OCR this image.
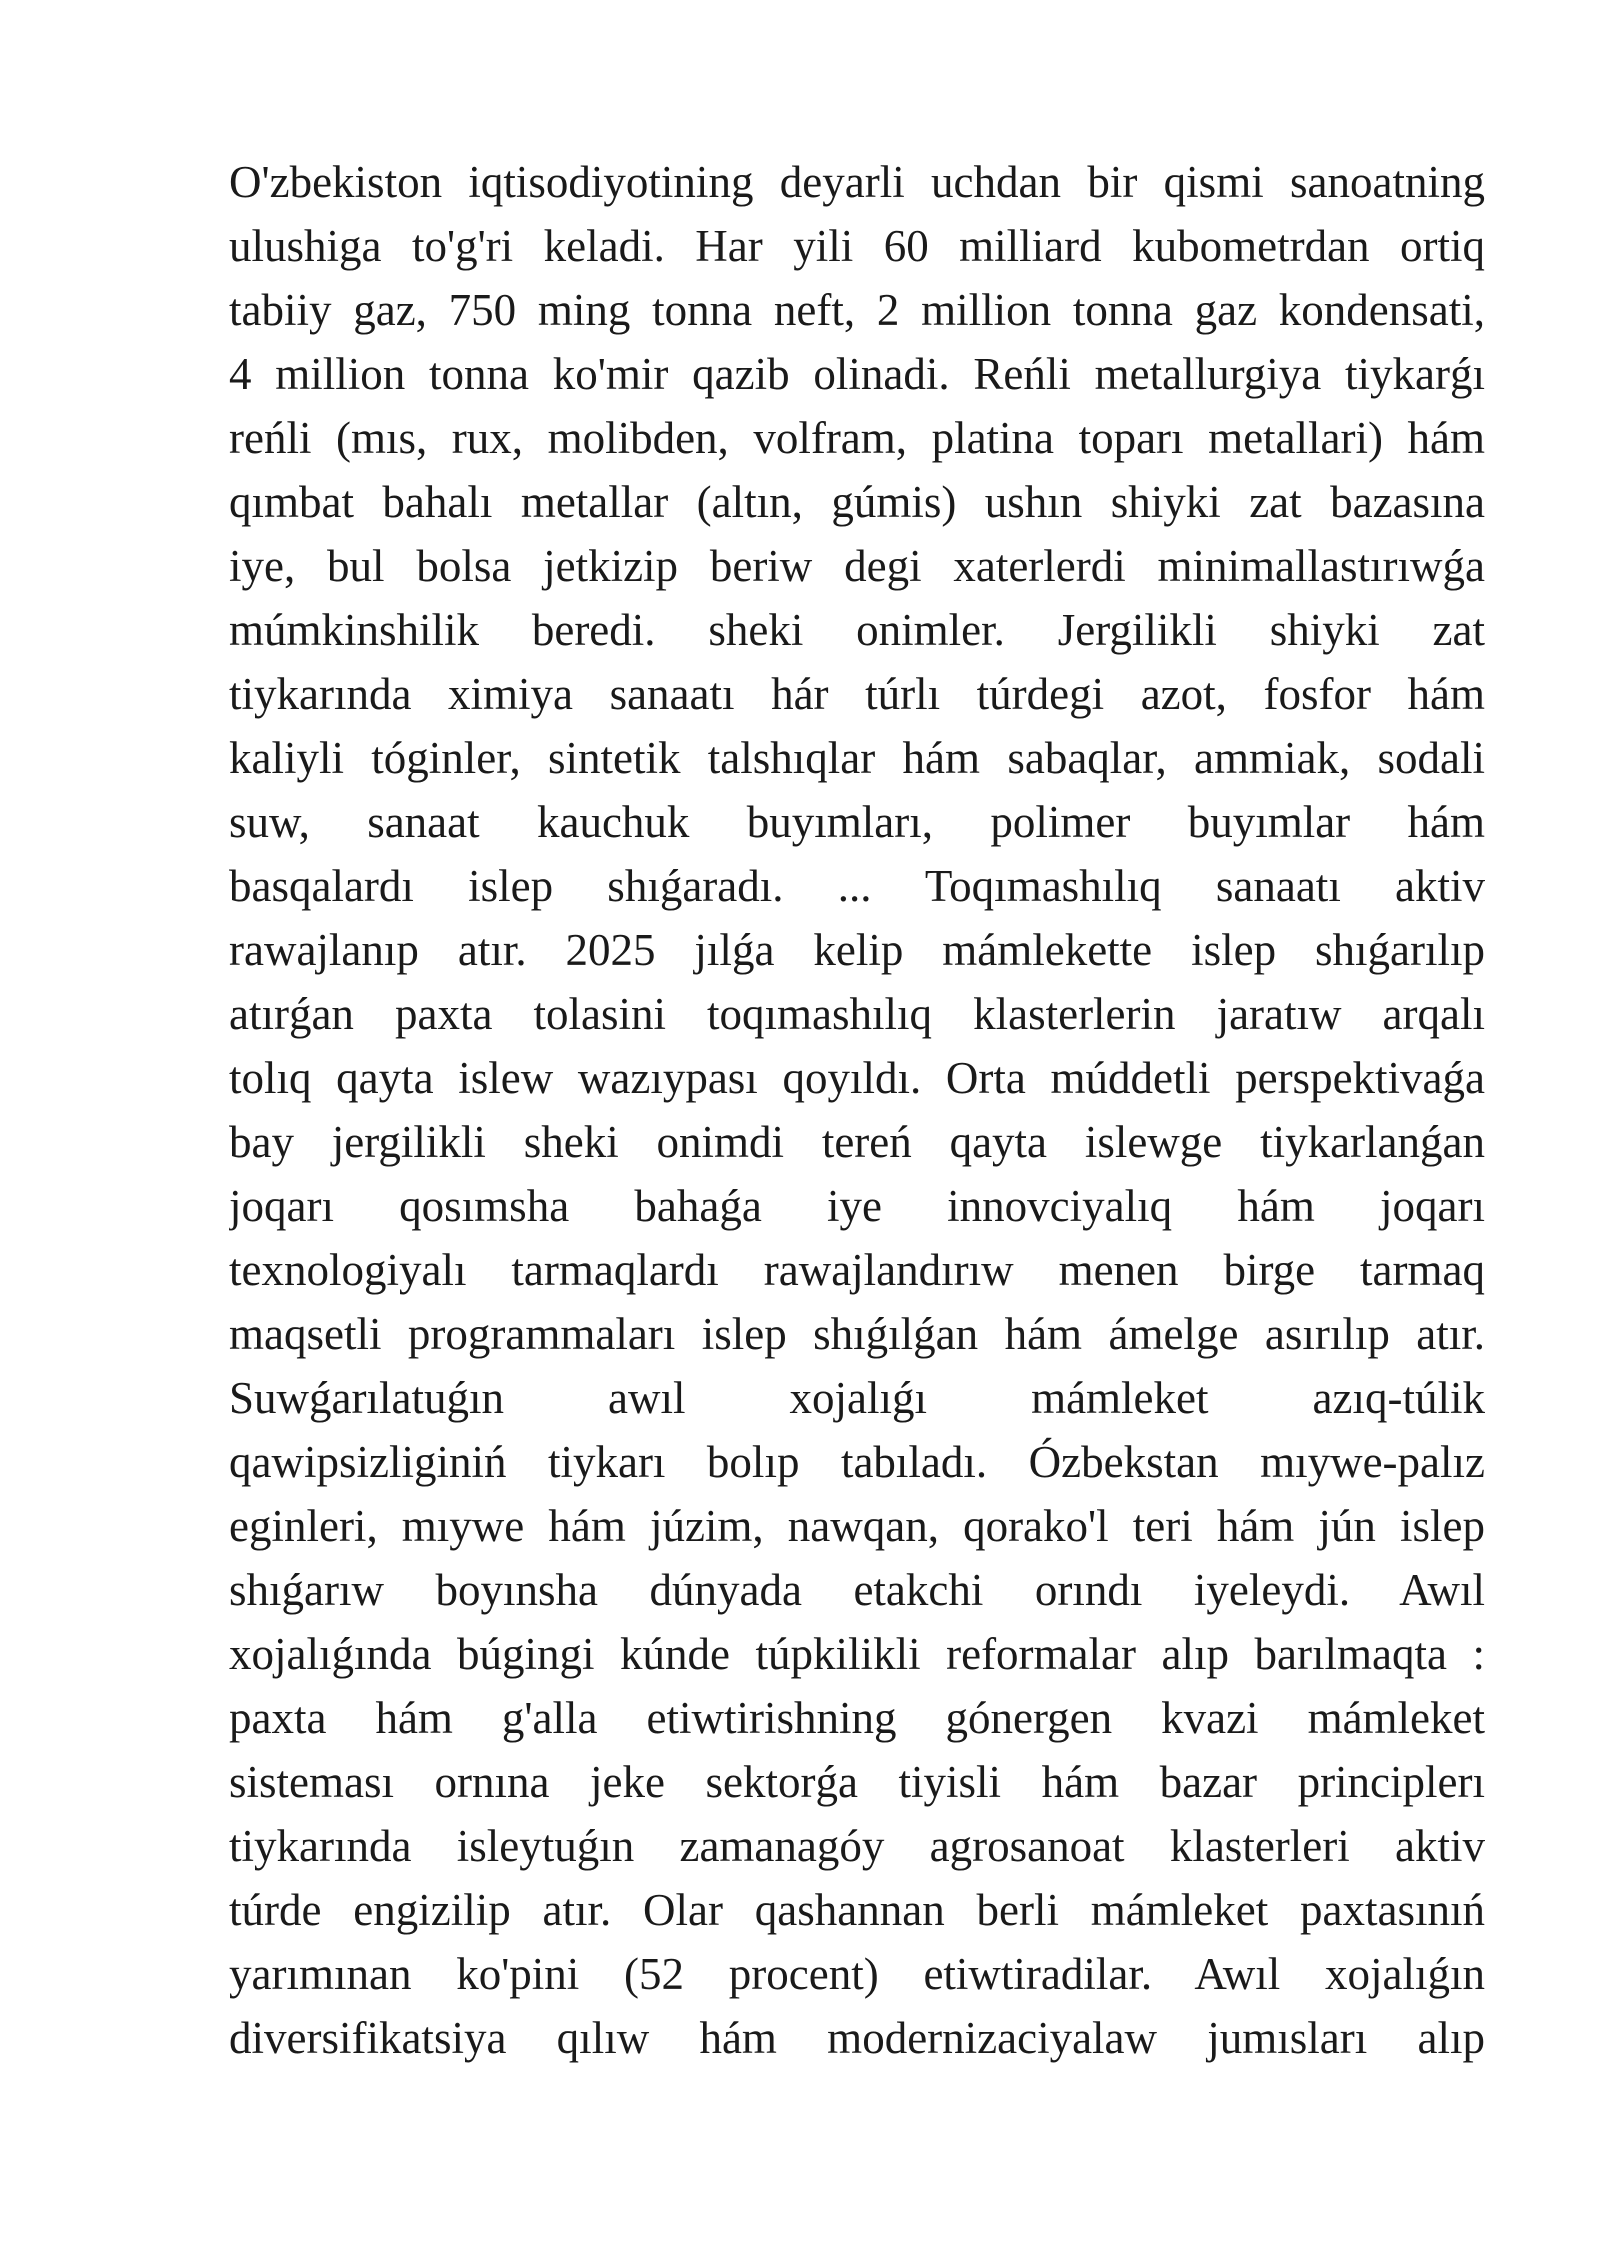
O'zbekiston iqtisodiyotining deyarli uchdan bir qismi sanoatning
ulushiga to'g'ri keladi. Har yili 60 milliard kubometrdan ortiq
tabiiy gaz, 750 ming tonna neft, 2 million tonna gaz kondensati,
4 million tonna ko'mir qazib olinadi. Reńli metallurgiya tiykarǵı
reńli (mıs, rux, molibden, volfram, platina toparı metallari) hám
qımbat bahalı metallar (altın, gúmis) ushın shiyki zat bazasına
iye, bul bolsa jetkizip beriw degi xaterlerdi minimallastırıwǵa
múmkinshilik beredi. sheki onimler. Jergilikli shiyki zat
tiykarında ximiya sanaatı hár túrlı túrdegi azot, fosfor hám
kaliyli tóginler, sintetik talshıqlar hám sabaqlar, ammiak, sodali
suw, sanaat kauchuk buyımları, polimer buyımlar hám
basqalardı islep shıǵaradı. ... Toqımashılıq sanaatı aktiv
rawajlanıp atır. 2025 jılǵa kelip mámlekette islep shıǵarılıp
atırǵan paxta tolasini toqımashılıq klasterlerin jaratıw arqalı
tolıq qayta islew wazıypası qoyıldı. Orta múddetli perspektivaǵa
bay jergilikli sheki onimdi tereń qayta islewge tiykarlanǵan
joqarı qosımsha bahaǵa iye innovciyalıq hám joqarı
texnologiyalı tarmaqlardı rawajlandırıw menen birge tarmaq
maqsetli programmaları islep shıǵılǵan hám ámelge asırılıp atır.
Suwǵarılatuǵın awıl xojalıǵı mámleket azıq-túlik
qawipsizliginiń tiykarı bolıp tabıladı. Ózbekstan mıywe-palız
eginleri, mıywe hám júzim, nawqan, qorako'l teri hám jún islep
shıǵarıw boyınsha dúnyada etakchi orındı iyeleydi. Awıl
xojalıǵında búgingi kúnde túpkilikli reformalar alıp barılmaqta :
paxta hám g'alla etiwtirishning gónergen kvazi mámleket
sisteması ornına jeke sektorǵa tiyisli hám bazar principlerı
tiykarında isleytuǵın zamanagóy agrosanoat klasterleri aktiv
túrde engizilip atır. Olar qashannan berli mámleket paxtasınıń
yarımınan ko'pini (52 procent) etiwtiradilar. Awıl xojalıǵın
diversifikatsiya qılıw hám modernizaciyalaw jumısları alıp
